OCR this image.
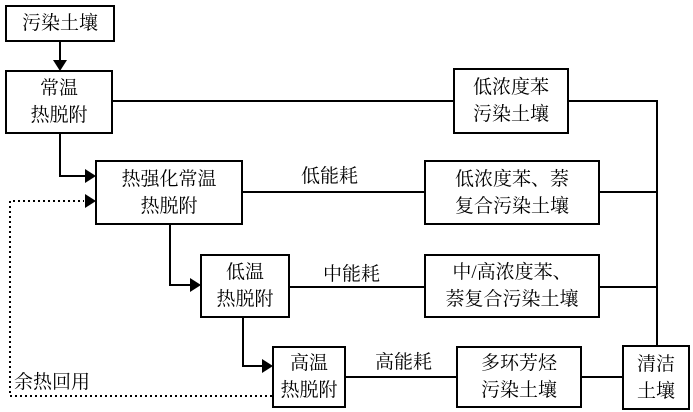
污染土壤
常温
热脱附
低浓度苯
污染土壤
热强化常温
热脱附
低浓度苯、萘
复合污染土壤
低温
热脱附
中/高浓度苯、
萘复合污染土壤
高温
热脱附
多环芳烃
污染土壤
清洁
土壤
低能耗
中能耗
高能耗
余热回用
